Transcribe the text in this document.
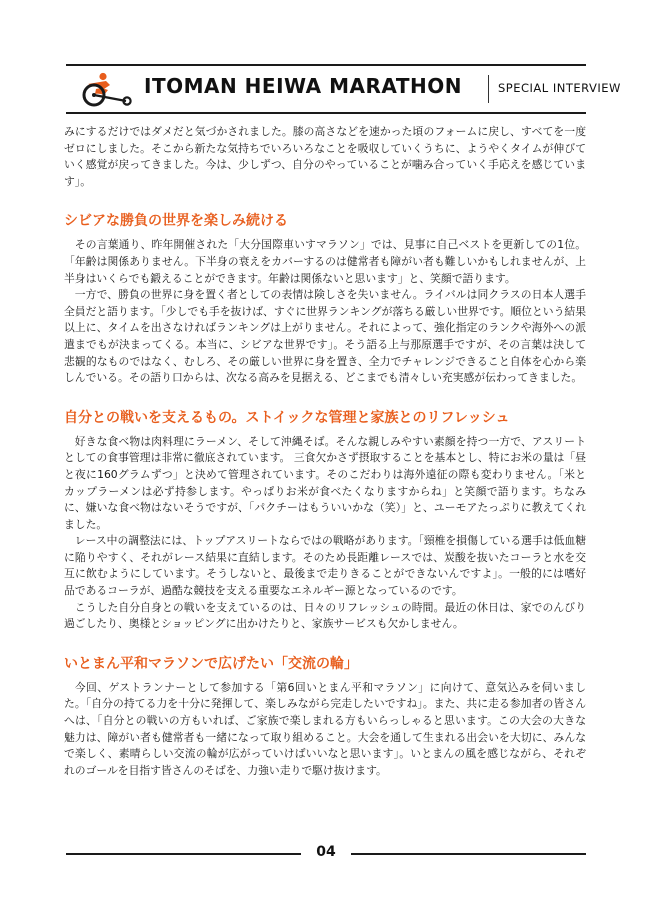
ITOMAN HEIWA MARATHON	SPECIAL INTERVIEW

みにするだけではダメだと気づかされました。膝の高さなどを速かった頃のフォームに戻し、すべてを一度ゼロにしました。そこから新たな気持ちでいろいろなことを吸収していくうちに、ようやくタイムが伸びていく感覚が戻ってきました。今は、少しずつ、自分のやっていることが噛み合っていく手応えを感じています」。

シビアな勝負の世界を楽しみ続ける

その言葉通り、昨年開催された「大分国際車いすマラソン」では、見事に自己ベストを更新しての1位。「年齢は関係ありません。下半身の衰えをカバーするのは健常者も障がい者も難しいかもしれませんが、上半身はいくらでも鍛えることができます。年齢は関係ないと思います」と、笑顔で語ります。

一方で、勝負の世界に身を置く者としての表情は険しさを失いません。ライバルは同クラスの日本人選手全員だと語ります。「少しでも手を抜けば、すぐに世界ランキングが落ちる厳しい世界です。順位という結果以上に、タイムを出さなければランキングは上がりません。それによって、強化指定のランクや海外への派遣までもが決まってくる。本当に、シビアな世界です」。そう語る上与那原選手ですが、その言葉は決して悲観的なものではなく、むしろ、その厳しい世界に身を置き、全力でチャレンジできること自体を心から楽しんでいる。その語り口からは、次なる高みを見据える、どこまでも清々しい充実感が伝わってきました。

自分との戦いを支えるもの。ストイックな管理と家族とのリフレッシュ

好きな食べ物は肉料理にラーメン、そして沖縄そば。そんな親しみやすい素顔を持つ一方で、アスリートとしての食事管理は非常に徹底されています。 三食欠かさず摂取することを基本とし、特にお米の量は「昼と夜に160グラムずつ」と決めて管理されています。そのこだわりは海外遠征の際も変わりません。「米とカップラーメンは必ず持参します。やっぱりお米が食べたくなりますからね」と笑顔で語ります。ちなみに、嫌いな食べ物はないそうですが、「パクチーはもういいかな（笑）」と、ユーモアたっぷりに教えてくれました。

レース中の調整法には、トップアスリートならではの戦略があります。「頸椎を損傷している選手は低血糖に陥りやすく、それがレース結果に直結します。そのため長距離レースでは、炭酸を抜いたコーラと水を交互に飲むようにしています。そうしないと、最後まで走りきることができないんですよ」。一般的には嗜好品であるコーラが、過酷な競技を支える重要なエネルギー源となっているのです。

こうした自分自身との戦いを支えているのは、日々のリフレッシュの時間。最近の休日は、家でのんびり過ごしたり、奥様とショッピングに出かけたりと、家族サービスも欠かしません。

いとまん平和マラソンで広げたい「交流の輪」

今回、ゲストランナーとして参加する「第6回いとまん平和マラソン」に向けて、意気込みを伺いました。「自分の持てる力を十分に発揮して、楽しみながら完走したいですね」。また、共に走る参加者の皆さんへは、「自分との戦いの方もいれば、ご家族で楽しまれる方もいらっしゃると思います。この大会の大きな魅力は、障がい者も健常者も一緒になって取り組めること。大会を通して生まれる出会いを大切に、みんなで楽しく、素晴らしい交流の輪が広がっていけばいいなと思います」。いとまんの風を感じながら、それぞれのゴールを目指す皆さんのそばを、力強い走りで駆け抜けます。

04
